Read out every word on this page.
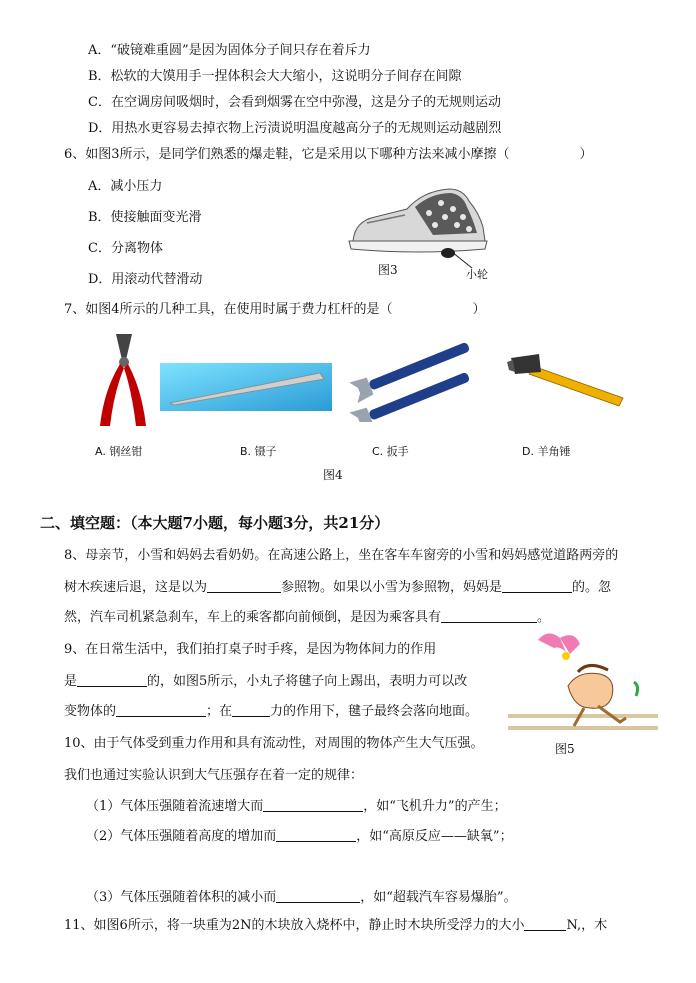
A．“破镜难重圆”是因为固体分子间只存在着斥力
B．松软的大馍用手一捏体积会大大缩小，这说明分子间存在间隙
C．在空调房间吸烟时，会看到烟雾在空中弥漫，这是分子的无规则运动
D．用热水更容易去掉衣物上污渍说明温度越高分子的无规则运动越剧烈
6、如图3所示，是同学们熟悉的爆走鞋，它是采用以下哪种方法来减小摩擦（	）
A．减小压力
B．使接触面变光滑
C．分离物体
D．用滚动代替滑动	小轮
图3
7、如图4所示的几种工具，在使用时属于费力杠杆的是（	）
A. 钢丝钳	B. 镊子	C. 扳手	D. 羊角锤
图4
二、填空题：（本大题7小题，每小题3分，共21分）
8、母亲节，小雪和妈妈去看奶奶。在高速公路上，坐在客车车窗旁的小雪和妈妈感觉道路两旁的
树木疾速后退，这是以为	参照物。如果以小雪为参照物，妈妈是	的。忽
然，汽车司机紧急刹车，车上的乘客都向前倾倒，是因为乘客具有	。
9、在日常生活中，我们拍打桌子时手疼，是因为物体间力的作用
是	的，如图5所示，小丸子将毽子向上踢出，表明力可以改
变物体的	；在	力的作用下，毽子最终会落向地面。
图5
10、由于气体受到重力作用和具有流动性，对周围的物体产生大气压强。
我们也通过实验认识到大气压强存在着一定的规律：
（1）气体压强随着流速增大而	，如“飞机升力”的产生；
（2）气体压强随着高度的增加而	，如“高原反应——缺氧”；
（3）气体压强随着体积的减小而	，如“超载汽车容易爆胎”。
11、如图6所示，将一块重为2N的木块放入烧杯中，静止时木块所受浮力的大小	N,，木
